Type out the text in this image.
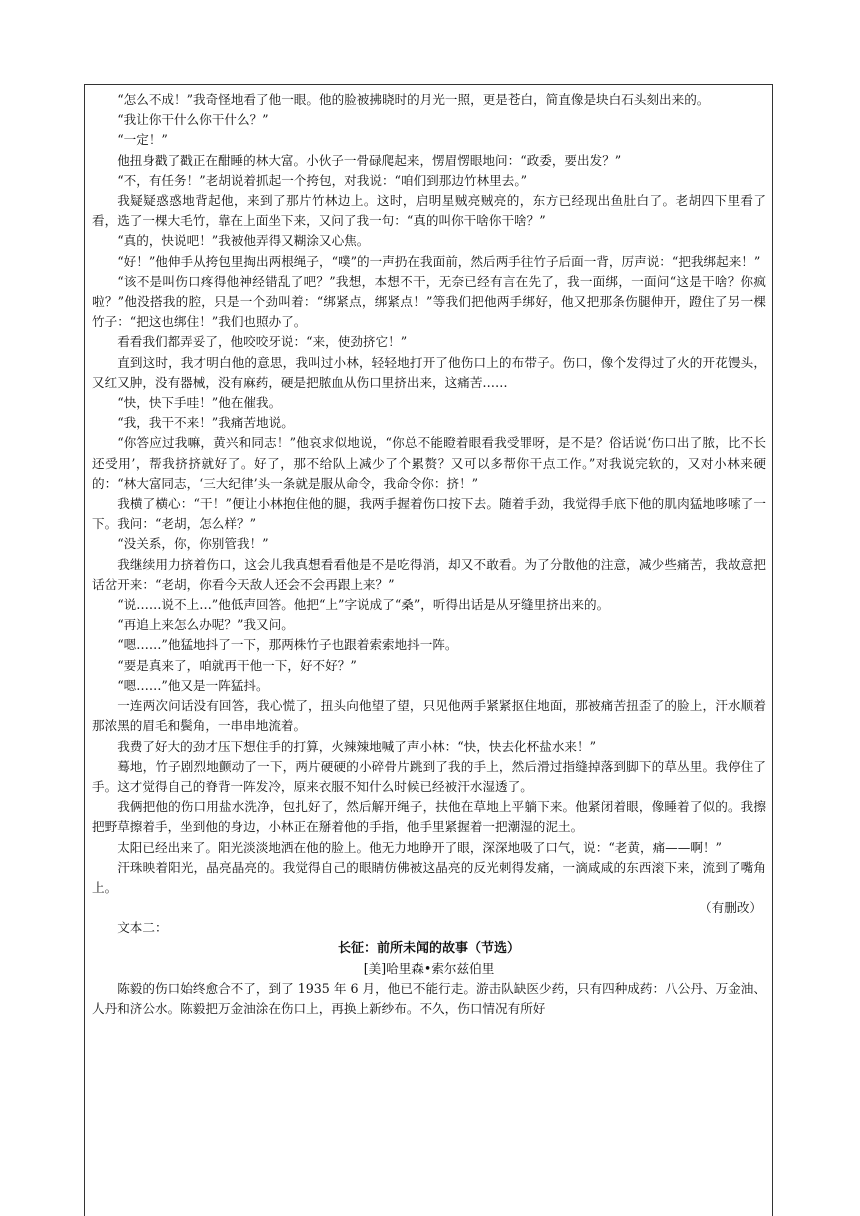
“怎么不成！”我奇怪地看了他一眼。他的脸被拂晓时的月光一照，更是苍白，简直像是块白石头刻出来的。

“我让你干什么你干什么？”

“一定！”

他扭身戳了戳正在酣睡的林大富。小伙子一骨碌爬起来，愣眉愣眼地问：“政委，要出发？”

“不，有任务！”老胡说着抓起一个挎包，对我说：“咱们到那边竹林里去。”

我疑疑惑惑地背起他，来到了那片竹林边上。这时，启明星贼亮贼亮的，东方已经现出鱼肚白了。老胡四下里看了看，选了一棵大毛竹，靠在上面坐下来，又问了我一句：“真的叫你干啥你干啥？”

“真的，快说吧！”我被他弄得又糊涂又心焦。

“好！”他伸手从挎包里掏出两根绳子，“噗”的一声扔在我面前，然后两手往竹子后面一背，厉声说：“把我绑起来！”

“该不是叫伤口疼得他神经错乱了吧？”我想，本想不干，无奈已经有言在先了，我一面绑，一面问“这是干啥？你疯啦？”他没搭我的腔，只是一个劲叫着：“绑紧点，绑紧点！”等我们把他两手绑好，他又把那条伤腿伸开，蹬住了另一棵竹子：“把这也绑住！”我们也照办了。

看看我们都弄妥了，他咬咬牙说：“来，使劲挤它！”

直到这时，我才明白他的意思，我叫过小林，轻轻地打开了他伤口上的布带子。伤口，像个发得过了火的开花馒头，又红又肿，没有器械，没有麻药，硬是把脓血从伤口里挤出来，这痛苦……

“快，快下手哇！”他在催我。

“我，我干不来！”我痛苦地说。

“你答应过我嘛，黄兴和同志！”他哀求似地说，“你总不能瞪着眼看我受罪呀，是不是？俗话说‘伤口出了脓，比不长还受用’，帮我挤挤就好了。好了，那不给队上减少了个累赘？又可以多帮你干点工作。”对我说完软的，又对小林来硬的：“林大富同志，‘三大纪律’头一条就是服从命令，我命令你：挤！”

我横了横心：“干！”便让小林抱住他的腿，我两手握着伤口按下去。随着手劲，我觉得手底下他的肌肉猛地哆嗦了一下。我问：“老胡，怎么样？”

“没关系，你，你别管我！”

我继续用力挤着伤口，这会儿我真想看看他是不是吃得消，却又不敢看。为了分散他的注意，减少些痛苦，我故意把话岔开来：“老胡，你看今天敌人还会不会再跟上来？”

“说……说不上…”他低声回答。他把“上”字说成了“桑”，听得出话是从牙缝里挤出来的。

“再追上来怎么办呢？”我又问。

“嗯……”他猛地抖了一下，那两株竹子也跟着索索地抖一阵。

“要是真来了，咱就再干他一下，好不好？”

“嗯……”他又是一阵猛抖。

一连两次问话没有回答，我心慌了，扭头向他望了望，只见他两手紧紧抠住地面，那被痛苦扭歪了的脸上，汗水顺着那浓黑的眉毛和鬓角，一串串地流着。

我费了好大的劲才压下想住手的打算，火辣辣地喊了声小林：“快，快去化杯盐水来！”

蓦地，竹子剧烈地颤动了一下，两片硬硬的小碎骨片跳到了我的手上，然后滑过指缝掉落到脚下的草丛里。我停住了手。这才觉得自己的脊背一阵发冷，原来衣服不知什么时候已经被汗水湿透了。

我俩把他的伤口用盐水洗净，包扎好了，然后解开绳子，扶他在草地上平躺下来。他紧闭着眼，像睡着了似的。我擦把野草擦着手，坐到他的身边，小林正在掰着他的手指，他手里紧握着一把潮湿的泥土。

太阳已经出来了。阳光淡淡地洒在他的脸上。他无力地睁开了眼，深深地吸了口气，说：“老黄，痛——啊！”

汗珠映着阳光，晶亮晶亮的。我觉得自己的眼睛仿佛被这晶亮的反光刺得发痛，一滴咸咸的东西滚下来，流到了嘴角上。

（有删改）

文本二：

长征：前所未闻的故事（节选）

[美]哈里森•索尔兹伯里

陈毅的伤口始终愈合不了，到了 1935 年 6 月，他已不能行走。游击队缺医少药，只有四种成药：八公丹、万金油、人丹和济公水。陈毅把万金油涂在伤口上，再换上新纱布。不久，伤口情况有所好
